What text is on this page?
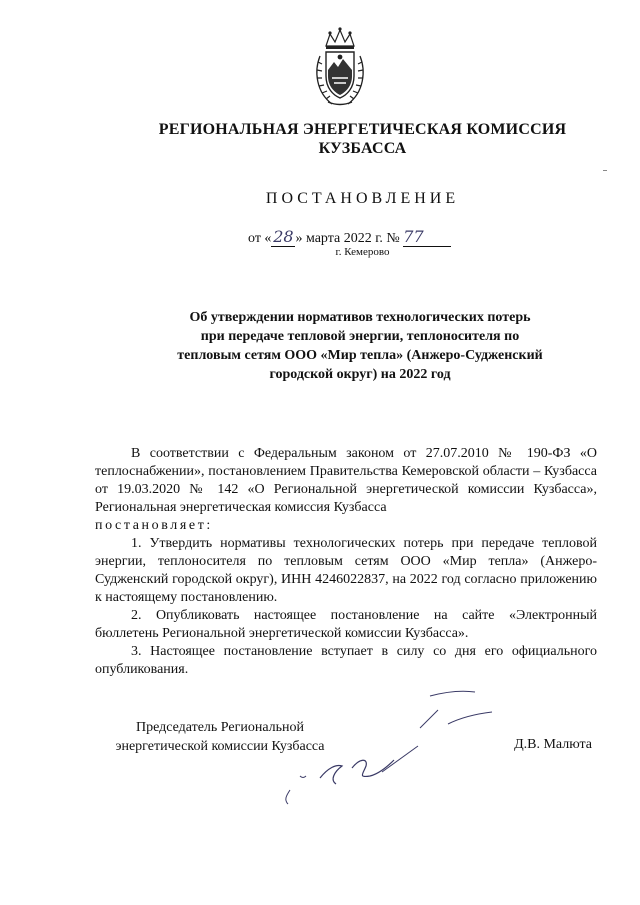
РЕГИОНАЛЬНАЯ ЭНЕРГЕТИЧЕСКАЯ КОМИССИЯ
КУЗБАССА
ПОСТАНОВЛЕНИЕ
от « 28 » марта 2022 г. № 77
г. Кемерово
Об утверждении нормативов технологических потерь
при передаче тепловой энергии, теплоносителя по
тепловым сетям ООО «Мир тепла» (Анжеро-Судженский
городской округ) на 2022 год

В соответствии с Федеральным законом от 27.07.2010 № 190-ФЗ «О теплоснабжении», постановлением Правительства Кемеровской области – Кузбасса от 19.03.2020 № 142 «О Региональной энергетической комиссии Кузбасса», Региональная энергетическая комиссия Кузбасса

постановляет:

1. Утвердить нормативы технологических потерь при передаче тепловой энергии, теплоносителя по тепловым сетям ООО «Мир тепла» (Анжеро-Судженский городской округ), ИНН 4246022837, на 2022 год согласно приложению к настоящему постановлению.

2. Опубликовать настоящее постановление на сайте «Электронный бюллетень Региональной энергетической комиссии Кузбасса».

3. Настоящее постановление вступает в силу со дня его официального опубликования.

Председатель Региональной
энергетической комиссии Кузбасса	Д.В. Малюта
